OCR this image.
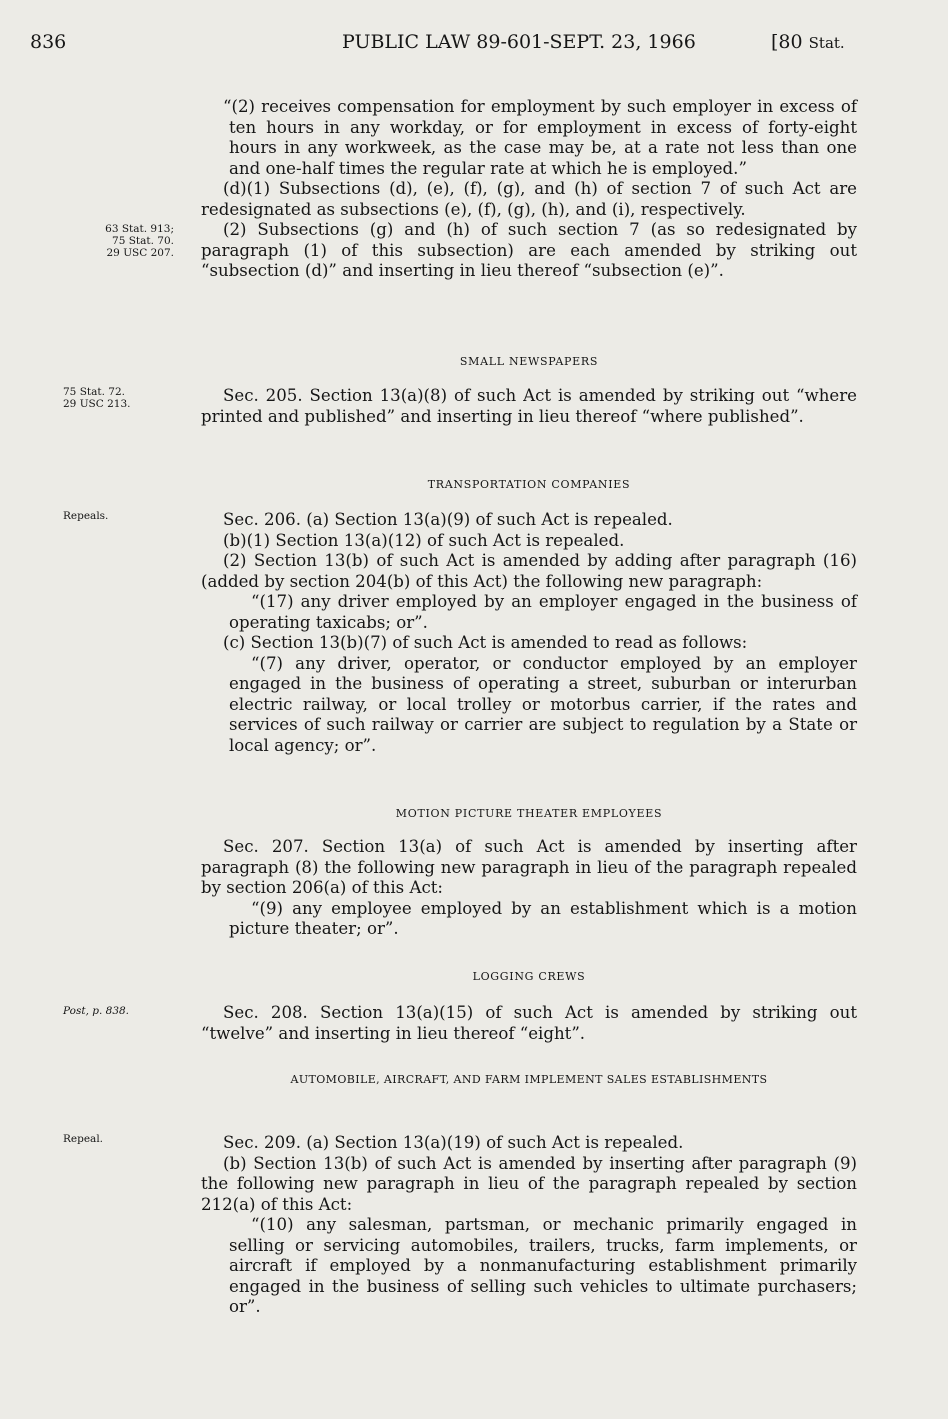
836	PUBLIC LAW 89-601-SEPT. 23, 1966	[80 Stat.
63 Stat. 913;
75 Stat. 70.
29 USC 207.
75 Stat. 72.
29 USC 213.
Repeals.
Post, p. 838.
Repeal.

“(2) receives compensation for employment by such employer in excess of ten hours in any workday, or for employment in excess of forty-eight hours in any workweek, as the case may be, at a rate not less than one and one-half times the regular rate at which he is employed.”

(d)(1) Subsections (d), (e), (f), (g), and (h) of section 7 of such Act are redesignated as subsections (e), (f), (g), (h), and (i), respectively.

(2) Subsections (g) and (h) of such section 7 (as so redesignated by paragraph (1) of this subsection) are each amended by striking out “subsection (d)” and inserting in lieu thereof “subsection (e)”.

SMALL NEWSPAPERS

Sec. 205. Section 13(a)(8) of such Act is amended by striking out “where printed and published” and inserting in lieu thereof “where published”.

TRANSPORTATION COMPANIES

Sec. 206. (a) Section 13(a)(9) of such Act is repealed.

(b)(1) Section 13(a)(12) of such Act is repealed.

(2) Section 13(b) of such Act is amended by adding after paragraph (16) (added by section 204(b) of this Act) the following new paragraph:

“(17) any driver employed by an employer engaged in the business of operating taxicabs; or”.

(c) Section 13(b)(7) of such Act is amended to read as follows:

“(7) any driver, operator, or conductor employed by an employer engaged in the business of operating a street, suburban or interurban electric railway, or local trolley or motorbus carrier, if the rates and services of such railway or carrier are subject to regulation by a State or local agency; or”.

MOTION PICTURE THEATER EMPLOYEES

Sec. 207. Section 13(a) of such Act is amended by inserting after paragraph (8) the following new paragraph in lieu of the paragraph repealed by section 206(a) of this Act:

“(9) any employee employed by an establishment which is a motion picture theater; or”.

LOGGING CREWS

Sec. 208. Section 13(a)(15) of such Act is amended by striking out “twelve” and inserting in lieu thereof “eight”.

AUTOMOBILE, AIRCRAFT, AND FARM IMPLEMENT SALES ESTABLISHMENTS

Sec. 209. (a) Section 13(a)(19) of such Act is repealed.

(b) Section 13(b) of such Act is amended by inserting after paragraph (9) the following new paragraph in lieu of the paragraph repealed by section 212(a) of this Act:

“(10) any salesman, partsman, or mechanic primarily engaged in selling or servicing automobiles, trailers, trucks, farm implements, or aircraft if employed by a nonmanufacturing establishment primarily engaged in the business of selling such vehicles to ultimate purchasers; or”.
